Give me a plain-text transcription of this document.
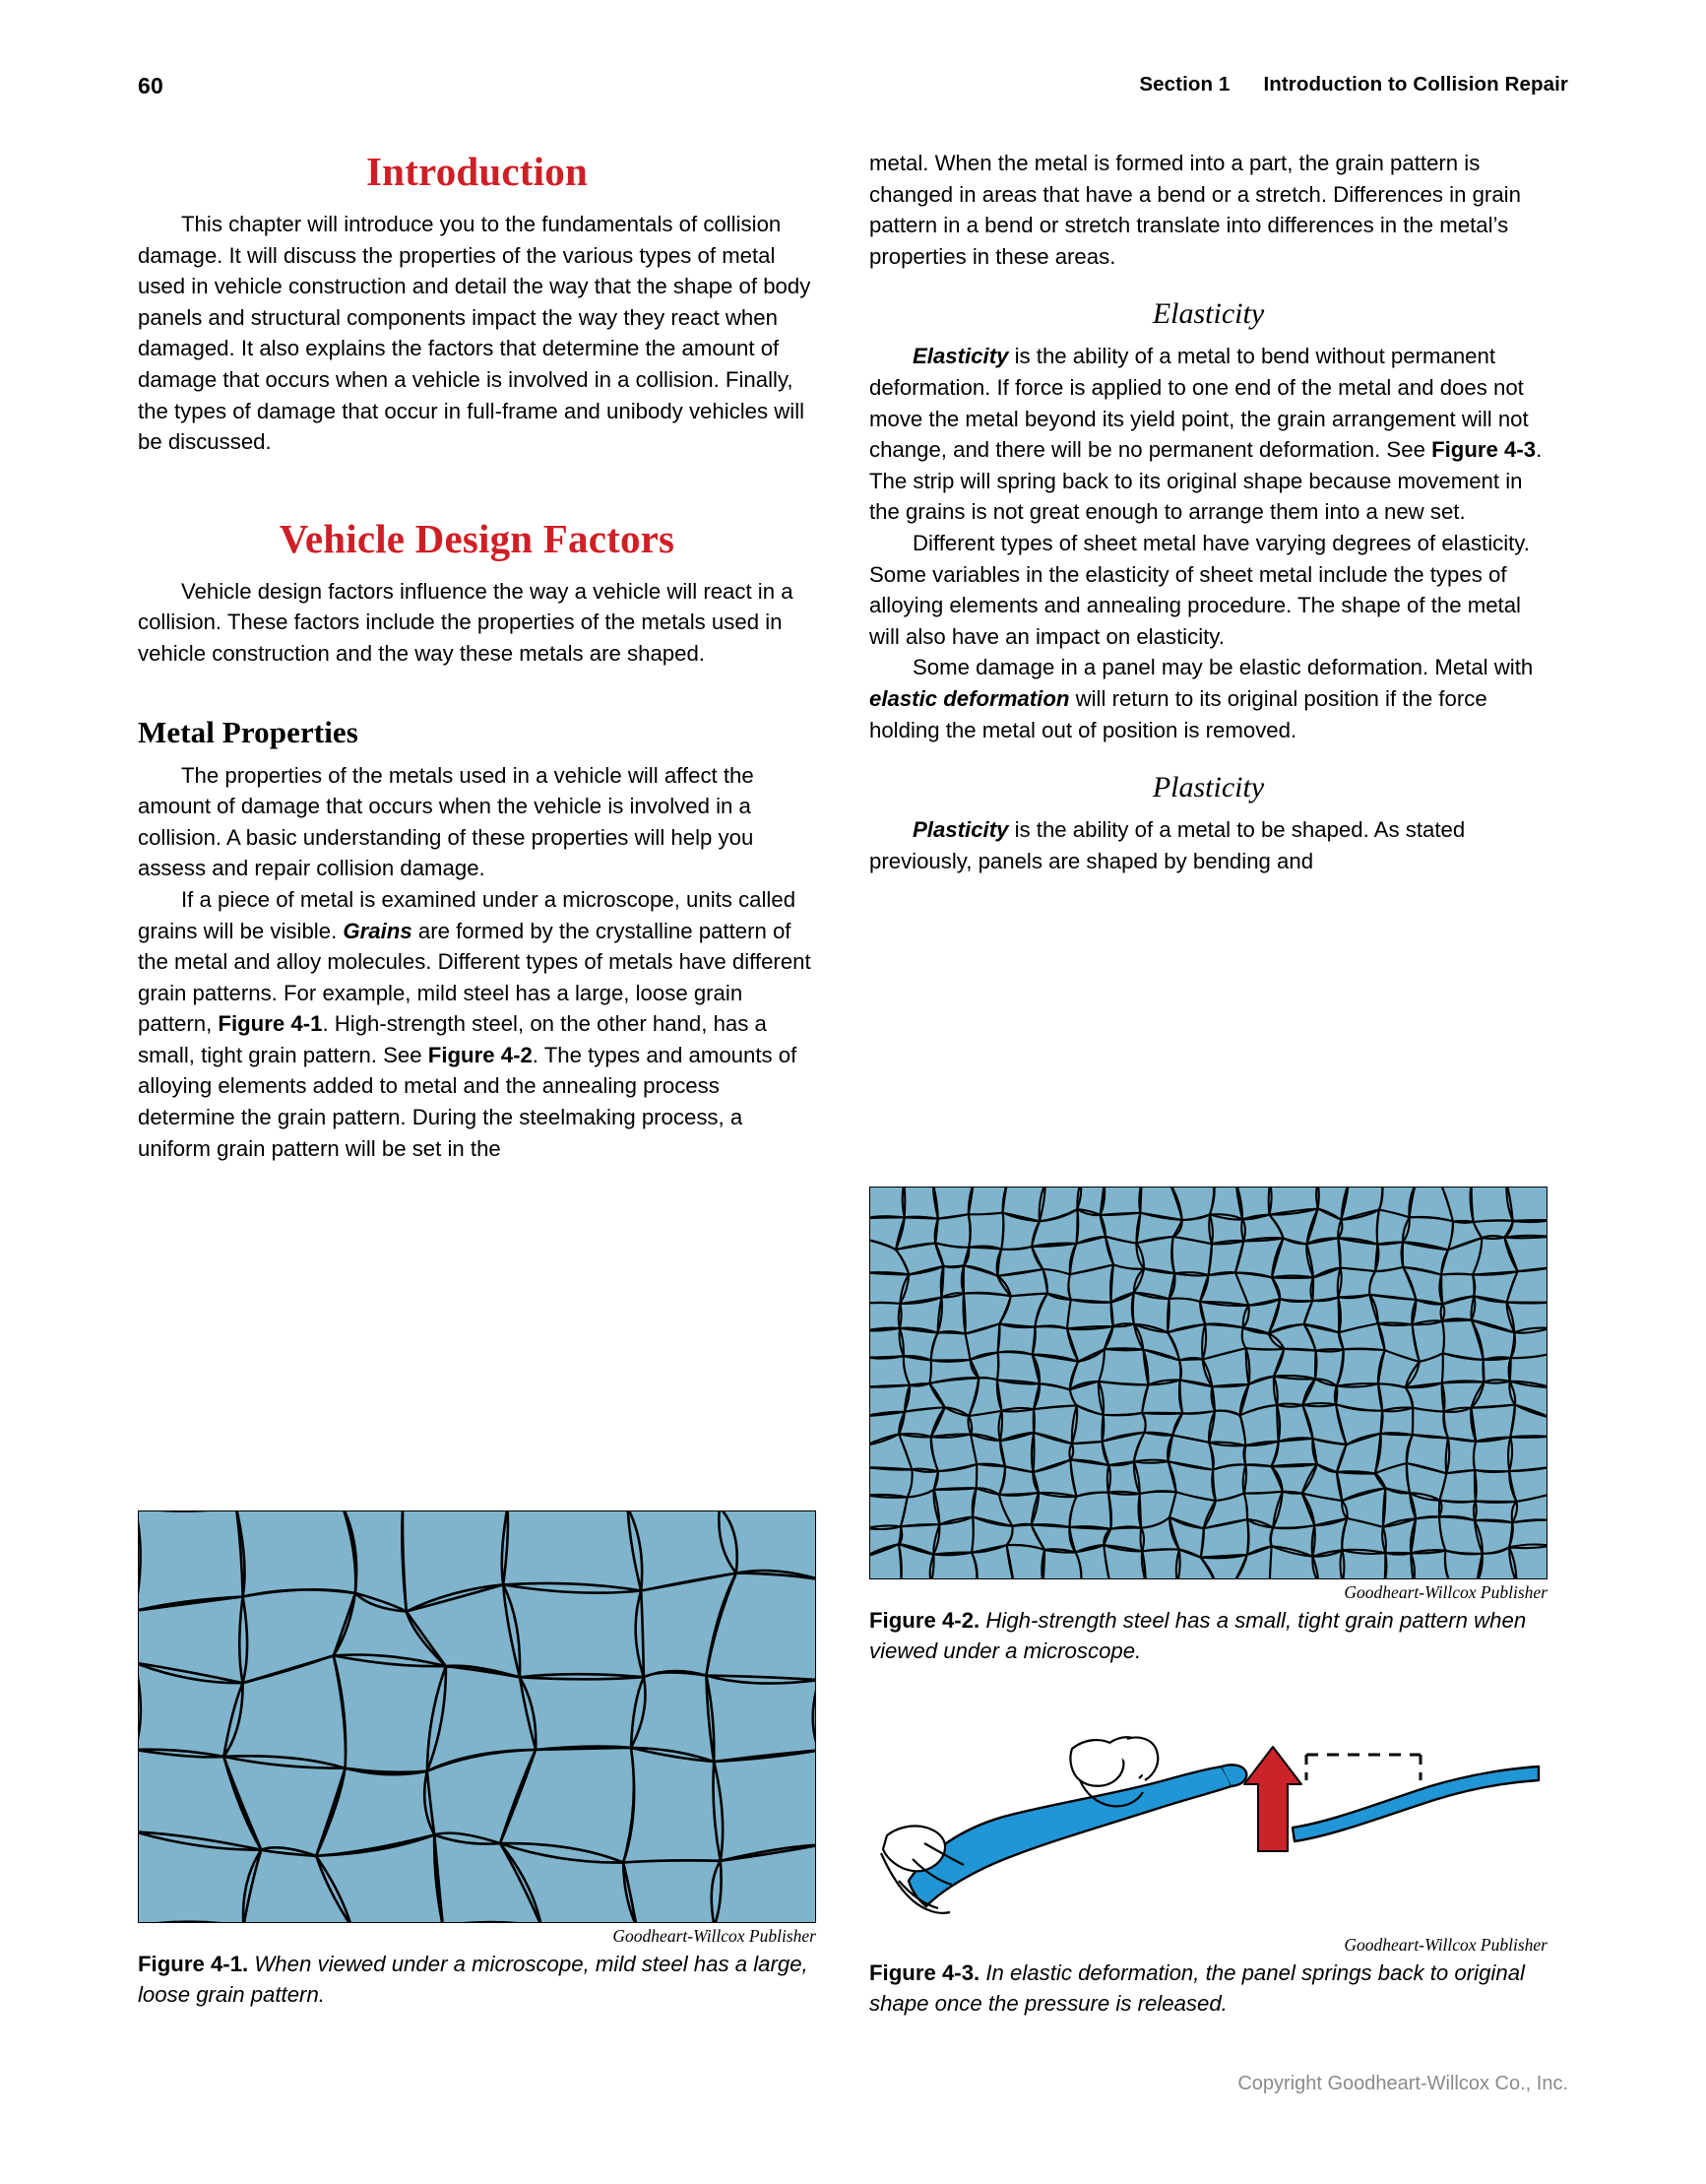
60	Section 1 Introduction to Collision Repair
Introduction

This chapter will introduce you to the fundamentals of collision damage. It will discuss the properties of the various types of metal used in vehicle construction and detail the way that the shape of body panels and structural components impact the way they react when damaged. It also explains the factors that determine the amount of damage that occurs when a vehicle is involved in a collision. Finally, the types of damage that occur in full-frame and unibody vehicles will be discussed.

Vehicle Design Factors

Vehicle design factors influence the way a vehicle will react in a collision. These factors include the properties of the metals used in vehicle construction and the way these metals are shaped.

Metal Properties

The properties of the metals used in a vehicle will affect the amount of damage that occurs when the vehicle is involved in a collision. A basic understanding of these properties will help you assess and repair collision damage.

If a piece of metal is examined under a microscope, units called grains will be visible. Grains are formed by the crystalline pattern of the metal and alloy molecules. Different types of metals have different grain patterns. For example, mild steel has a large, loose grain pattern, Figure 4-1. High-strength steel, on the other hand, has a small, tight grain pattern. See Figure 4-2. The types and amounts of alloying elements added to metal and the annealing process determine the grain pattern. During the steelmaking process, a uniform grain pattern will be set in the

metal. When the metal is formed into a part, the grain pattern is changed in areas that have a bend or a stretch. Differences in grain pattern in a bend or stretch translate into differences in the metal’s properties in these areas.

Elasticity

Elasticity is the ability of a metal to bend without permanent deformation. If force is applied to one end of the metal and does not move the metal beyond its yield point, the grain arrangement will not change, and there will be no permanent deformation. See Figure 4-3. The strip will spring back to its original shape because movement in the grains is not great enough to arrange them into a new set.

Different types of sheet metal have varying degrees of elasticity. Some variables in the elasticity of sheet metal include the types of alloying elements and annealing procedure. The shape of the metal will also have an impact on elasticity.

Some damage in a panel may be elastic deformation. Metal with elastic deformation will return to its original position if the force holding the metal out of position is removed.

Plasticity

Plasticity is the ability of a metal to be shaped. As stated previously, panels are shaped by bending and

Goodheart-Willcox Publisher
Figure 4-2. High-strength steel has a small, tight grain pattern when viewed under a microscope.
Goodheart-Willcox Publisher
Figure 4-3. In elastic deformation, the panel springs back to original shape once the pressure is released.
Goodheart-Willcox Publisher
Figure 4-1. When viewed under a microscope, mild steel has a large, loose grain pattern.
Copyright Goodheart-Willcox Co., Inc.
